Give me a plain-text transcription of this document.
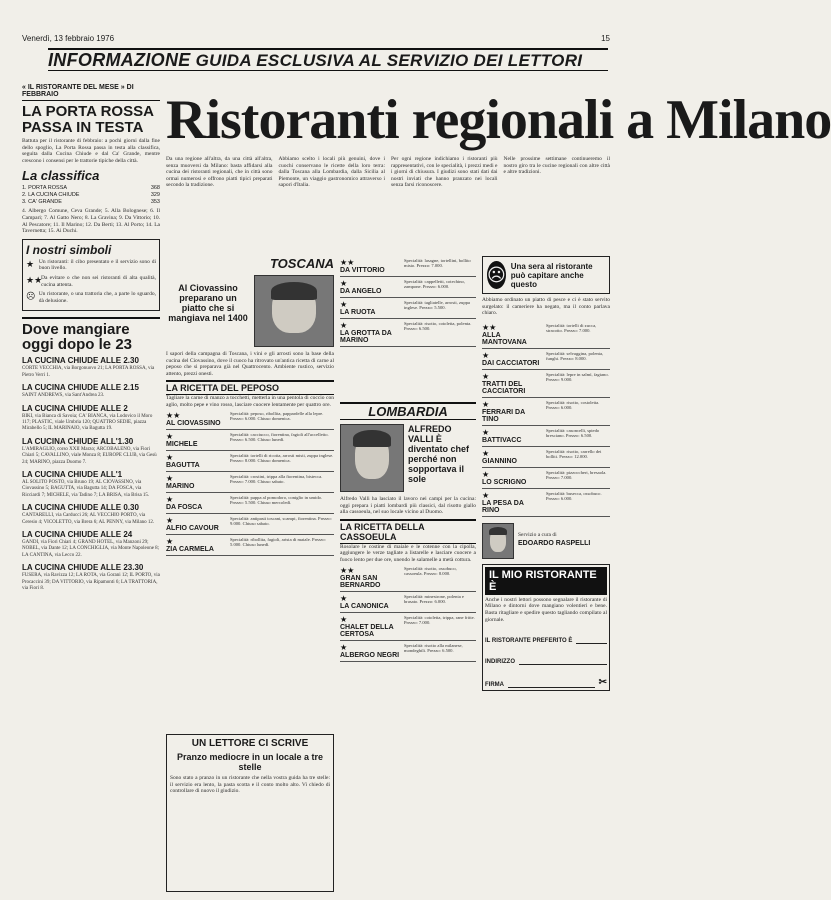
Venerdì, 13 febbraio 1976	15
INFORMAZIONE GUIDA ESCLUSIVA AL SERVIZIO DEI LETTORI
« IL RISTORANTE DEL MESE » DI FEBBRAIO
LA PORTA ROSSA PASSA IN TESTA
Battuta per il ristorante di febbraio: a pochi giorni dalla fine dello spoglio, La Porta Rossa passa in testa alla classifica, seguita dalla Cucina Chiude e dal Ca' Grande, mentre crescono i consensi per le trattorie tipiche della città.
La classifica
1. PORTA ROSSA	368
2. LA CUCINA CHIUDE	329
3. CA' GRANDE	353
4. Albergo Comune, Ceva Grande; 5. Alla Bolognese; 6. Il Campari; 7. Al Gatto Nero; 8. La Gravina; 9. Da Vittorio; 10. Al Pescatore; 11. Il Marino; 12. Da Berti; 13. Al Porto; 14. La Tavernetta; 15. Ai Duchi.
I nostri simboli
★ Un ristoranti: il cibo presentato e il servizio sono di buon livello.
★★
Da evitare o che non sei ristoranti di alta qualità, cucina attenta.
☹ Un ristorante, o una trattoria che, a parte lo sguardo, dà delusione.
Dove mangiare oggi dopo le 23
LA CUCINA CHIUDE ALLE 2.30
CORTE VECCHIA, via Borgonuovo 21; LA PORTA ROSSA, via Pietro Verri 1.
LA CUCINA CHIUDE ALLE 2.15
SAINT ANDREWS, via Sant'Andrea 23.
LA CUCINA CHIUDE ALLE 2
BIKI, via Bianca di Savoia; CA' BIANCA, via Lodovico il Moro 117; PLASTIC, viale Umbria 120; QUATTRO SEDIE, piazza Mirabello 5; IL MARINAIO, via Bagutta 19.
LA CUCINA CHIUDE ALL'1.30
L'AMIRAGLIO, corso XXII Marzo; ARCOBALENO, via Fiori Chiari 5; CAVALLINO, viale Monza 8; EUROPE CLUB, via Gesù 24; MARINO, piazza Duomo 7.
LA CUCINA CHIUDE ALL'1
AL SOLITO POSTO, via Bruno 19; AL CIOVASSINO, via Ciovassino 5; BAGUTTA, via Bagutta 14; DA FOSCA, via Ricciardi 7; MICHELE, via Tadino 7; LA BRISA, via Brisa 15.
LA CUCINA CHIUDE ALLE 0.30
CANTARELLI, via Carducci 26; AL VECCHIO PORTO, via Ceresio 4; VICOLETTO, via Brera 6; AL PENNY, via Milano 12.
LA CUCINA CHIUDE ALLE 24
GANDI, via Fiori Chiari 4; GRAND HOTEL, via Manzoni 29; NOBEL, via Dante 12; LA CONCHIGLIA, via Monte Napoleone 8; LA CANTINA, via Lecco 22.
LA CUCINA CHIUDE ALLE 23.30
FUSERA, via Ravizza 12; LA ROTA, via Gorani 12; IL PORTO, via Procaccini 39; DA VITTORIO, via Ripamonti 6; LA TRATTORIA, via Fiori 8.
Ristoranti regionali a Milano
Da una regione all'altra, da una città all'altra, senza muoversi da Milano: basta affidarsi alla cucina dei ristoranti regionali, che in città sono ormai numerosi e offrono piatti tipici preparati secondo la tradizione.
Abbiamo scelto i locali più genuini, dove i cuochi conservano le ricette della loro terra: dalla Toscana alla Lombardia, dalla Sicilia al Piemonte, un viaggio gastronomico attraverso i sapori d'Italia.
Per ogni regione indichiamo i ristoranti più rappresentativi, con le specialità, i prezzi medi e i giorni di chiusura. I giudizi sono stati dati dai nostri inviati che hanno pranzato nei locali senza farsi riconoscere.
Nelle prossime settimane continueremo il nostro giro tra le cucine regionali con altre città e altre tradizioni.
TOSCANA
Al Ciovassino preparano un piatto che si mangiava nel 1400
I sapori della campagna di Toscana, i vini e gli arrosti sono la base della cucina del Ciovassino, dove il cuoco ha ritrovato un'antica ricetta di carne al peposo che si preparava già nel Quattrocento. Ambiente rustico, servizio attento, prezzi onesti.
LA RICETTA DEL PEPOSO
Tagliare la carne di manzo a tocchetti, metterla in una pentola di coccio con aglio, molto pepe e vino rosso, lasciare cuocere lentamente per quattro ore.
★★
AL CIOVASSINO
Specialità: peposo, ribollita, pappardelle alla lepre. Prezzo: 6.000. Chiuso domenica.
★
MICHELE
Specialità: cacciucco, fiorentina, fagioli all'uccelletto. Prezzo: 6.500. Chiuso lunedì.
★
BAGUTTA
Specialità: tortelli di ricotta, arrosti misti, zuppa inglese. Prezzo: 8.000. Chiuso domenica.
★
MARINO
Specialità: crostini, trippa alla fiorentina, bistecca. Prezzo: 7.000. Chiuso sabato.
★
DA FOSCA
Specialità: pappa al pomodoro, coniglio in umido. Prezzo: 5.500. Chiuso mercoledì.
★
ALFIO CAVOUR
Specialità: antipasti toscani, scampi, fiorentina. Prezzo: 9.000. Chiuso sabato.
★
ZIA CARMELA
Specialità: ribollita, fagioli, arista di maiale. Prezzo: 5.000. Chiuso lunedì.
UN LETTORE CI SCRIVE
Pranzo mediocre in un locale a tre stelle
Sono stato a pranzo in un ristorante che nella vostra guida ha tre stelle: il servizio era lento, la pasta scotta e il conto molto alto. Vi chiedo di controllare di nuovo il giudizio.
★★
DA VITTORIO
Specialità: lasagne, tortellini, bollito misto. Prezzo: 7.000.
★
DA ANGELO
Specialità: cappelletti, cotechino, zampone. Prezzo: 6.000.
★
LA RUOTA
Specialità: tagliatelle, arrosti, zuppa inglese. Prezzo: 5.500.
★
LA GROTTA DA MARINO
Specialità: risotto, cotoletta, polenta. Prezzo: 6.500.
LOMBARDIA
ALFREDO VALLI È diventato chef perché non sopportava il sole
Alfredo Valli ha lasciato il lavoro nei campi per la cucina: oggi prepara i piatti lombardi più classici, dal risotto giallo alla cassoeula, nel suo locale vicino al Duomo.
LA RICETTA DELLA CASSOEULA
Rosolare le costine di maiale e le cotenne con la cipolla, aggiungere le verze tagliate a listarelle e lasciare cuocere a fuoco lento per due ore, unendo le salamelle a metà cottura.
★★
GRAN SAN BERNARDO
Specialità: risotto, ossobuco, cassoeula. Prezzo: 8.000.
★
LA CANONICA
Specialità: minestrone, polenta e brasato. Prezzo: 6.000.
★
CHALET DELLA CERTOSA
Specialità: cotoletta, trippa, rane fritte. Prezzo: 7.000.
★
ALBERGO NEGRI
Specialità: risotto alla milanese, mondeghili. Prezzo: 6.500.
☹ Una sera al ristorante può capitare anche questo
Abbiamo ordinato un piatto di pesce e ci è stato servito surgelato: il cameriere ha negato, ma il conto parlava chiaro.
★★
ALLA MANTOVANA
Specialità: tortelli di zucca, stracotto. Prezzo: 7.000.
★
DAI CACCIATORI
Specialità: selvaggina, polenta, funghi. Prezzo: 8.000.
★
TRATTI DEL CACCIATORI
Specialità: lepre in salmì, fagiano. Prezzo: 9.000.
★
FERRARI DA TINO
Specialità: risotto, costoletta. Prezzo: 6.000.
★
BATTIVACC
Specialità: casoncelli, spiedo bresciano. Prezzo: 6.500.
★
GIANNINO
Specialità: risotto, carrello dei bolliti. Prezzo: 12.000.
★
LO SCRIGNO
Specialità: pizzoccheri, bresaola. Prezzo: 7.000.
★
LA PESA DA RINO
Specialità: busecca, ossobuco. Prezzo: 6.000.
Servizio a cura di
EDOARDO RASPELLI
IL MIO RISTORANTE È
Anche i nostri lettori possono segnalare il ristorante di Milano e dintorni dove mangiano volentieri e bene. Basta ritagliare e spedire questo tagliando compilato al giornale.
IL RISTORANTE PREFERITO È
INDIRIZZO
FIRMA	✂
